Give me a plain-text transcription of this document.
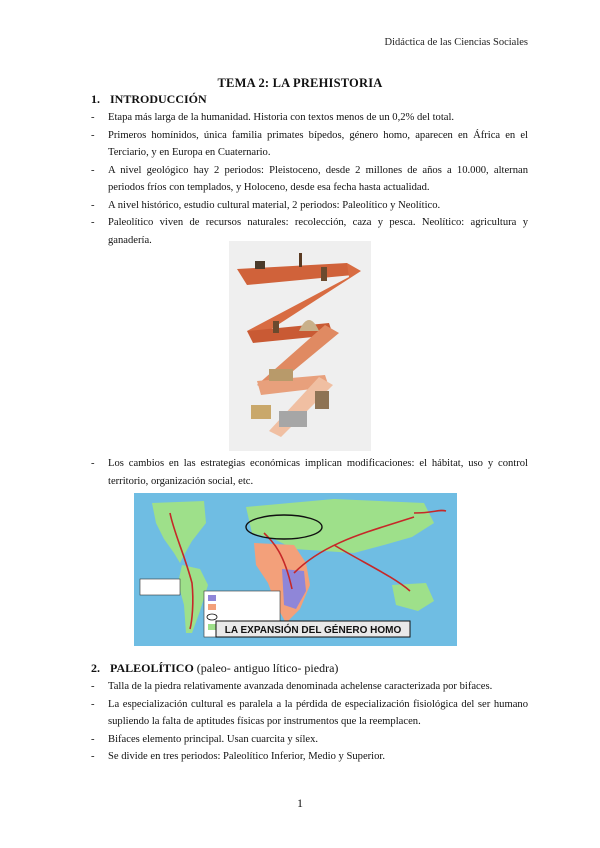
Didáctica de las Ciencias Sociales
TEMA 2: LA PREHISTORIA
1. INTRODUCCIÓN
- Etapa más larga de la humanidad. Historia con textos menos de un 0,2% del total.
- Primeros homínidos, única familia primates bípedos, género homo, aparecen en África en el Terciario, y en Europa en Cuaternario.
- A nivel geológico hay 2 periodos: Pleistoceno, desde 2 millones de años a 10.000, alternan periodos fríos con templados, y Holoceno, desde esa fecha hasta actualidad.
- A nivel histórico, estudio cultural material, 2 periodos: Paleolítico y Neolítico.
- Paleolítico viven de recursos naturales: recolección, caza y pesca. Neolítico: agricultura y ganadería.
- Los cambios en las estrategias económicas implican modificaciones: el hábitat, uso y control territorio, organización social, etc.
LA EXPANSIÓN DEL GÉNERO HOMO
2. PALEOLÍTICO (paleo- antiguo lítico- piedra)
- Talla de la piedra relativamente avanzada denominada achelense caracterizada por bifaces.
- La especialización cultural es paralela a la pérdida de especialización fisiológica del ser humano supliendo la falta de aptitudes físicas por instrumentos que la reemplacen.
- Bifaces elemento principal. Usan cuarcita y sílex.
- Se divide en tres periodos: Paleolítico Inferior, Medio y Superior.
1
